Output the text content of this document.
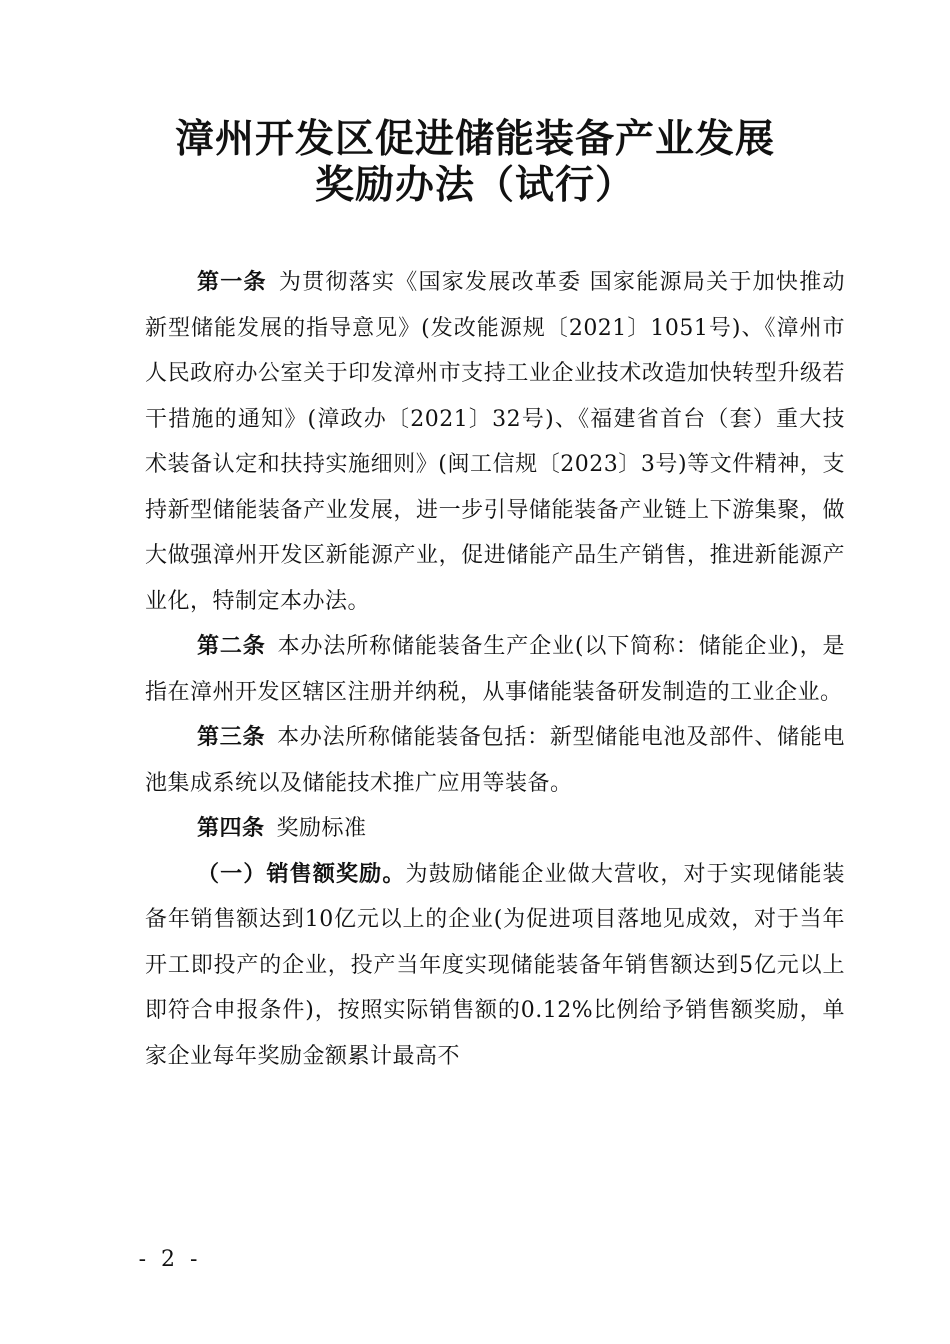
漳州开发区促进储能装备产业发展
奖励办法（试行）

第一条 为贯彻落实《国家发展改革委 国家能源局关于加快推动新型储能发展的指导意见》(发改能源规〔2021〕1051号)、《漳州市人民政府办公室关于印发漳州市支持工业企业技术改造加快转型升级若干措施的通知》(漳政办〔2021〕32号)、《福建省首台（套）重大技术装备认定和扶持实施细则》(闽工信规〔2023〕3号)等文件精神，支持新型储能装备产业发展，进一步引导储能装备产业链上下游集聚，做大做强漳州开发区新能源产业，促进储能产品生产销售，推进新能源产业化，特制定本办法。

第二条 本办法所称储能装备生产企业(以下简称：储能企业)，是指在漳州开发区辖区注册并纳税，从事储能装备研发制造的工业企业。

第三条 本办法所称储能装备包括：新型储能电池及部件、储能电池集成系统以及储能技术推广应用等装备。

第四条 奖励标准

（一）销售额奖励。为鼓励储能企业做大营收，对于实现储能装备年销售额达到10亿元以上的企业(为促进项目落地见成效，对于当年开工即投产的企业，投产当年度实现储能装备年销售额达到5亿元以上即符合申报条件)，按照实际销售额的0.12%比例给予销售额奖励，单家企业每年奖励金额累计最高不

- 2 -
